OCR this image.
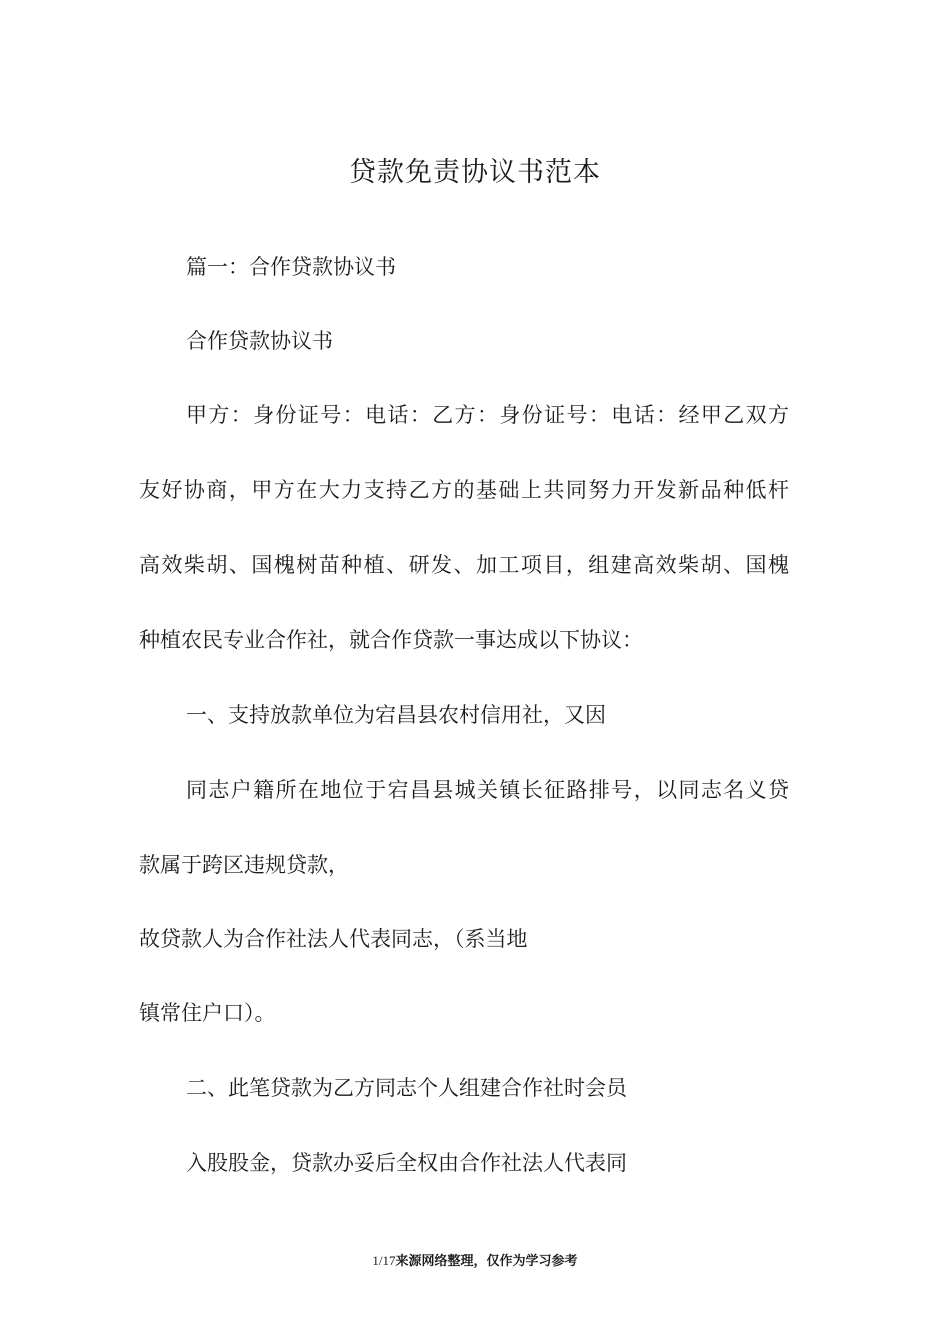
贷款免责协议书范本

篇一：合作贷款协议书

合作贷款协议书

甲方：身份证号：电话：乙方：身份证号：电话：经甲乙双方

友好协商，甲方在大力支持乙方的基础上共同努力开发新品种低杆

高效柴胡、国槐树苗种植、研发、加工项目，组建高效柴胡、国槐

种植农民专业合作社，就合作贷款一事达成以下协议：

一、支持放款单位为宕昌县农村信用社，又因

同志户籍所在地位于宕昌县城关镇长征路排号，以同志名义贷

款属于跨区违规贷款，

故贷款人为合作社法人代表同志，（系当地

镇常住户口）。

二、此笔贷款为乙方同志个人组建合作社时会员

入股股金，贷款办妥后全权由合作社法人代表同

1/17来源网络整理，仅作为学习参考
